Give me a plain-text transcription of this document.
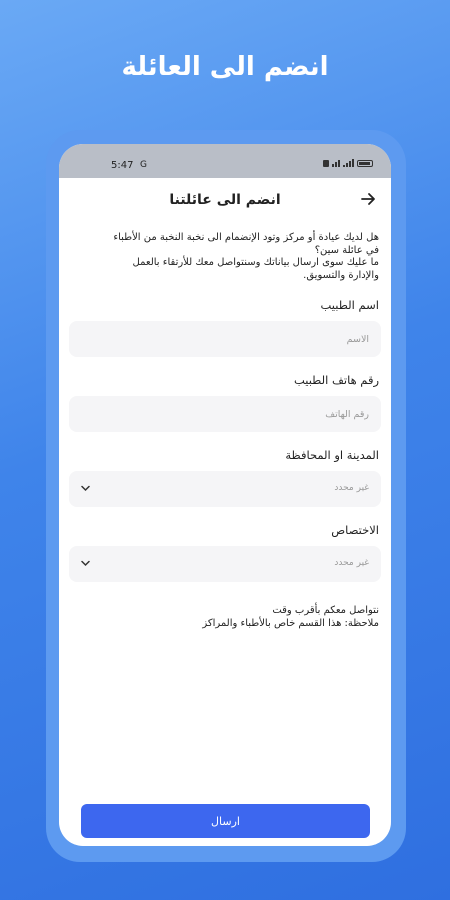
انضم الى العائلة
5:47 G
انضم الى عائلتنا
هل لديك عيادة أو مركز وتود الإنضمام الى نخبة النخبة من الأطباء
في عائلة سين؟
ما عليك سوى ارسال بياناتك وسنتواصل معك للأرتقاء بالعمل
والإدارة والتسويق.
اسم الطبيب
الاسم
رقم هاتف الطبيب
رقم الهاتف
المدينة او المحافظة
غير محدد
الاختصاص
غير محدد
نتواصل معكم بأقرب وقت
ملاحظة: هذا القسم خاص بالأطباء والمراكز
ارسال
